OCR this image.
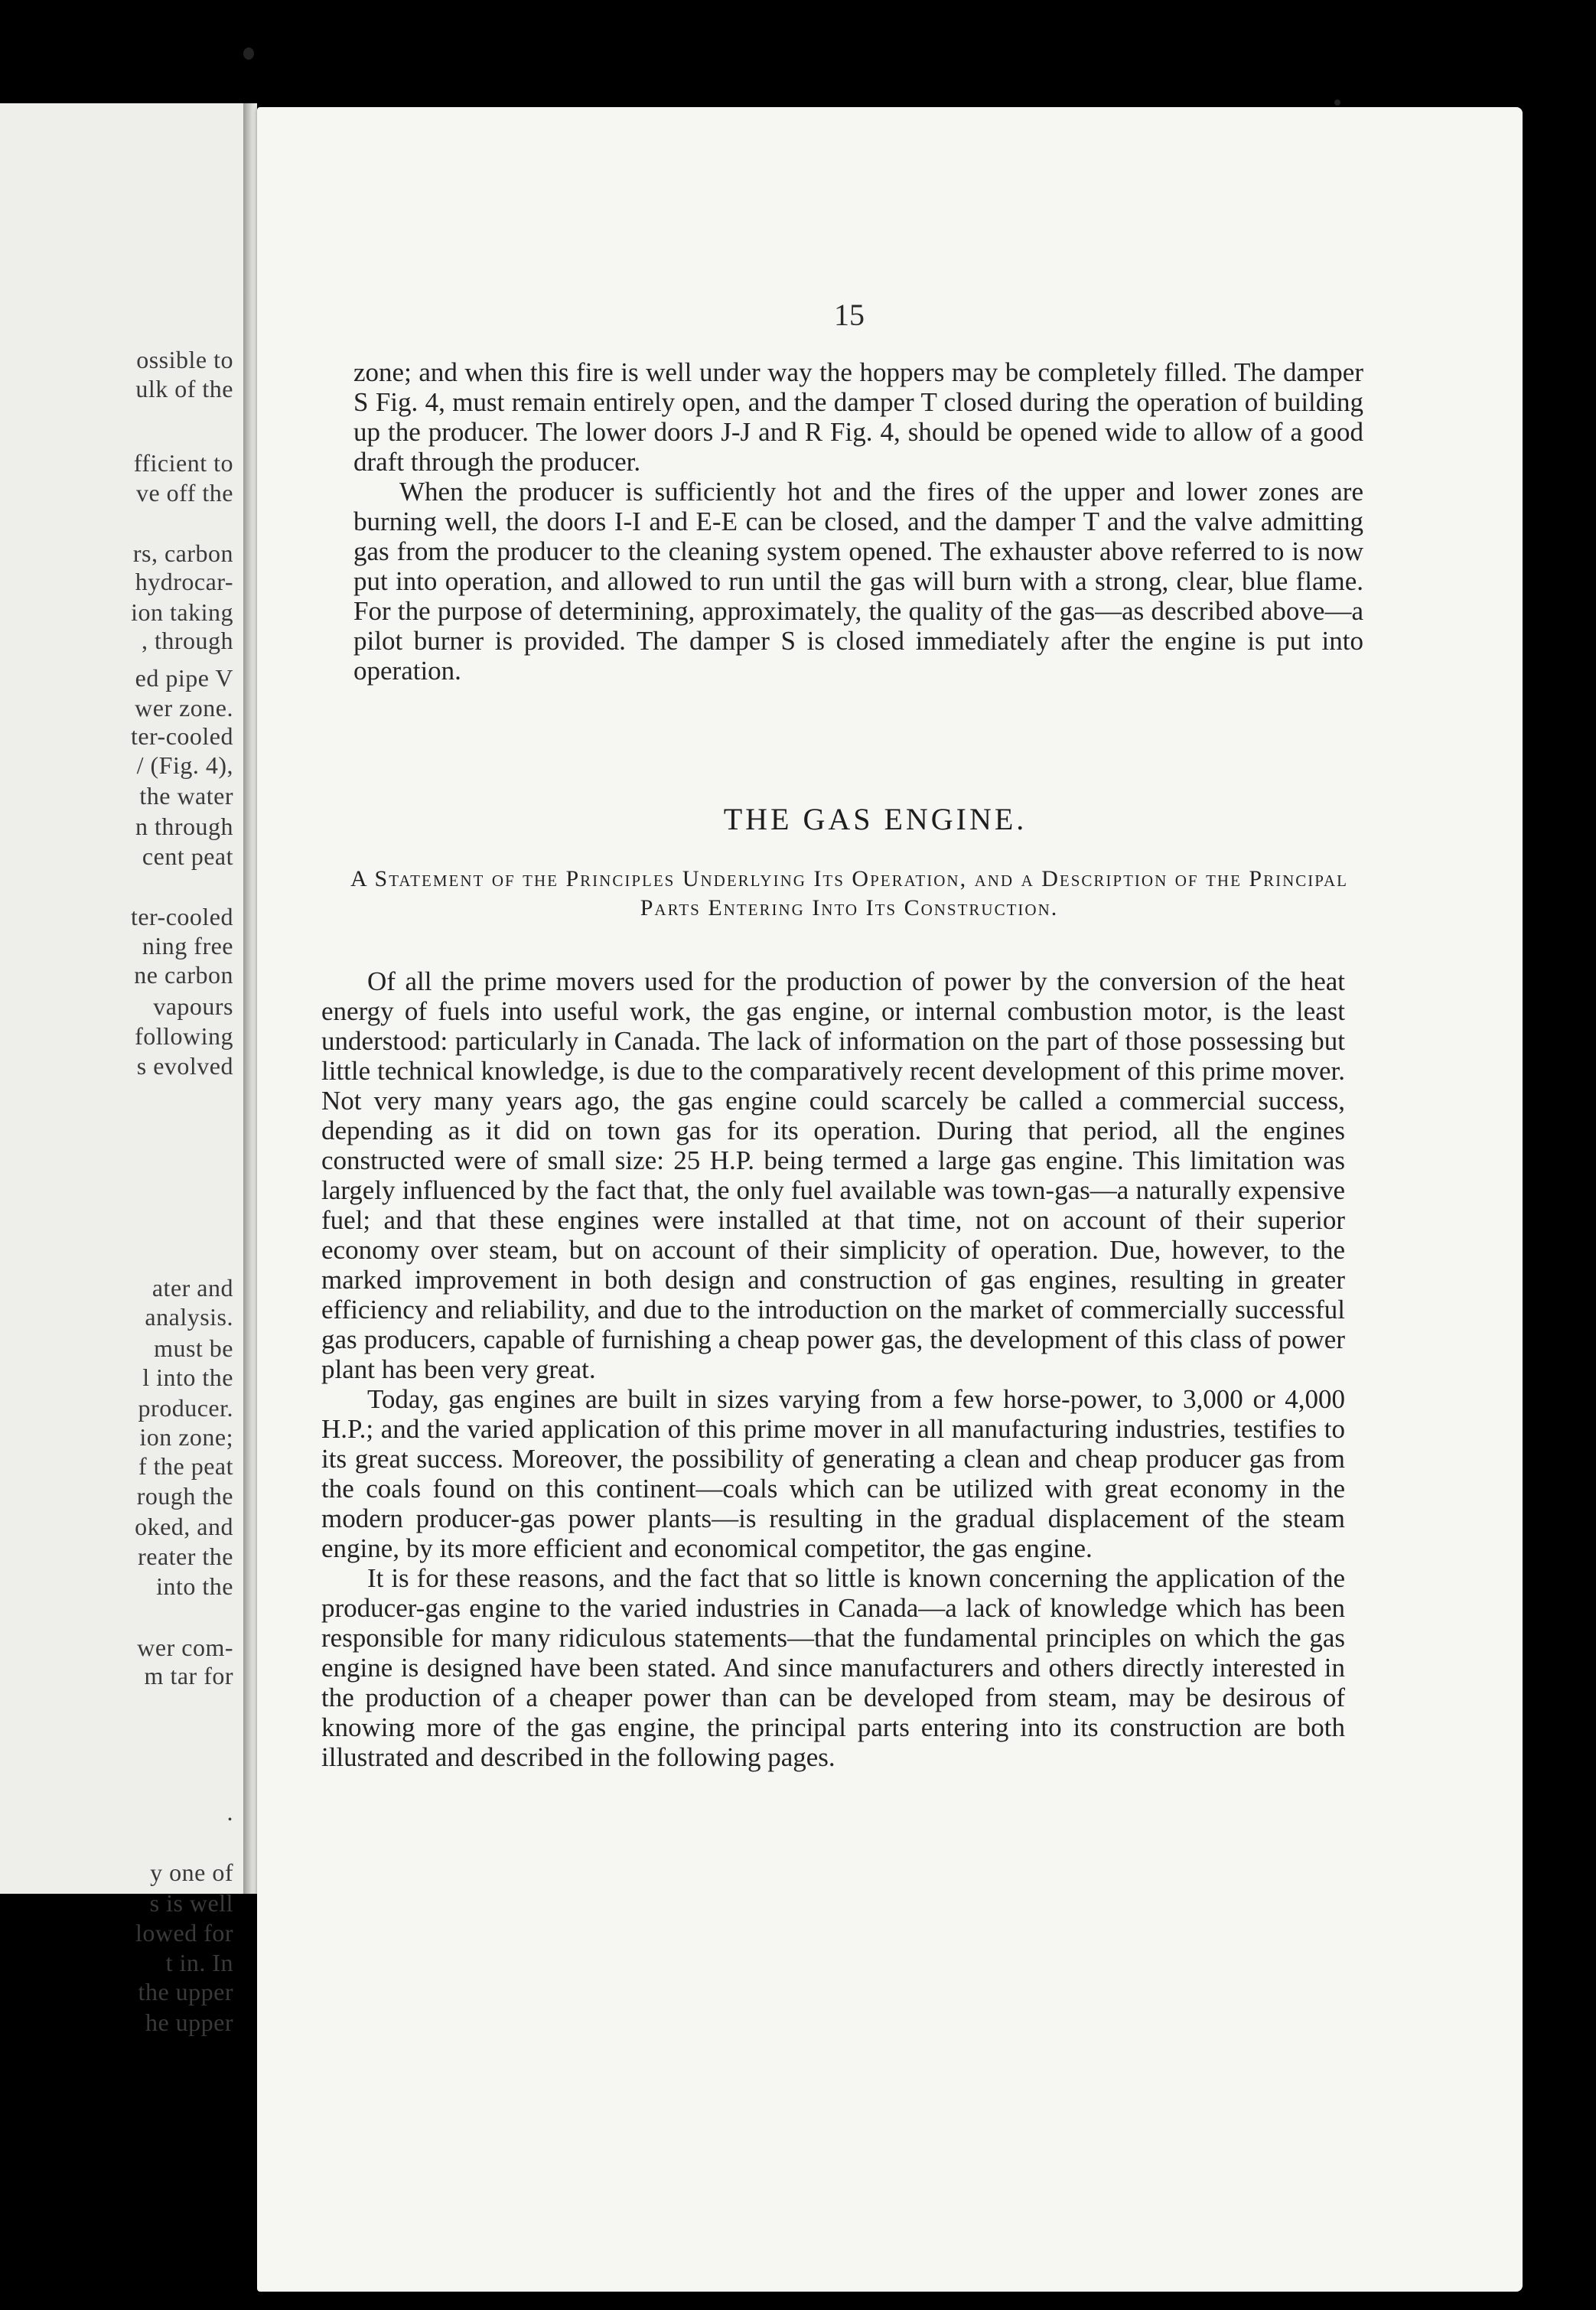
ossible to
ulk of the
fficient to
ve off the
rs, carbon
hydrocar-
ion taking
, through
ed pipe V
wer zone.
ter-cooled
/ (Fig. 4),
the water
n through
cent peat
ter-cooled
ning free
ne carbon
vapours
following
s evolved
ater and
analysis.
must be
l into the
producer.
ion zone;
f the peat
rough the
oked, and
reater the
into the
wer com-
m tar for
.
y one of
s is well
lowed for
t in. In
the upper
he upper
15

zone; and when this fire is well under way the hoppers may be completely filled. The damper S Fig. 4, must remain entirely open, and the damper T closed during the operation of building up the producer. The lower doors J-J and R Fig. 4, should be opened wide to allow of a good draft through the producer.

When the producer is sufficiently hot and the fires of the upper and lower zones are burning well, the doors I-I and E-E can be closed, and the damper T and the valve admitting gas from the producer to the cleaning system opened. The exhauster above referred to is now put into operation, and allowed to run until the gas will burn with a strong, clear, blue flame. For the purpose of determining, approximately, the quality of the gas—as described above—a pilot burner is provided. The damper S is closed immediately after the engine is put into operation.

THE GAS ENGINE.
A Statement of the Principles Underlying Its Operation, and a Description of the Principal Parts Entering Into Its Construction.

Of all the prime movers used for the production of power by the conversion of the heat energy of fuels into useful work, the gas engine, or internal combustion motor, is the least understood: particularly in Canada. The lack of information on the part of those possessing but little technical knowledge, is due to the comparatively recent development of this prime mover. Not very many years ago, the gas engine could scarcely be called a commercial success, depending as it did on town gas for its operation. During that period, all the engines constructed were of small size: 25 H.P. being termed a large gas engine. This limitation was largely influenced by the fact that, the only fuel available was town-gas—a naturally expensive fuel; and that these engines were installed at that time, not on account of their superior economy over steam, but on account of their simplicity of operation. Due, however, to the marked improvement in both design and construction of gas engines, resulting in greater efficiency and reliability, and due to the introduction on the market of commercially successful gas producers, capable of furnishing a cheap power gas, the development of this class of power plant has been very great.

Today, gas engines are built in sizes varying from a few horse-power, to 3,000 or 4,000 H.P.; and the varied application of this prime mover in all manufacturing industries, testifies to its great success. Moreover, the possibility of generating a clean and cheap producer gas from the coals found on this continent—coals which can be utilized with great economy in the modern producer-gas power plants—is resulting in the gradual displacement of the steam engine, by its more efficient and economical competitor, the gas engine.

It is for these reasons, and the fact that so little is known concerning the application of the producer-gas engine to the varied industries in Canada—a lack of knowledge which has been responsible for many ridiculous statements—that the fundamental principles on which the gas engine is designed have been stated. And since manufacturers and others directly interested in the production of a cheaper power than can be developed from steam, may be desirous of knowing more of the gas engine, the principal parts entering into its construction are both illustrated and described in the following pages.
